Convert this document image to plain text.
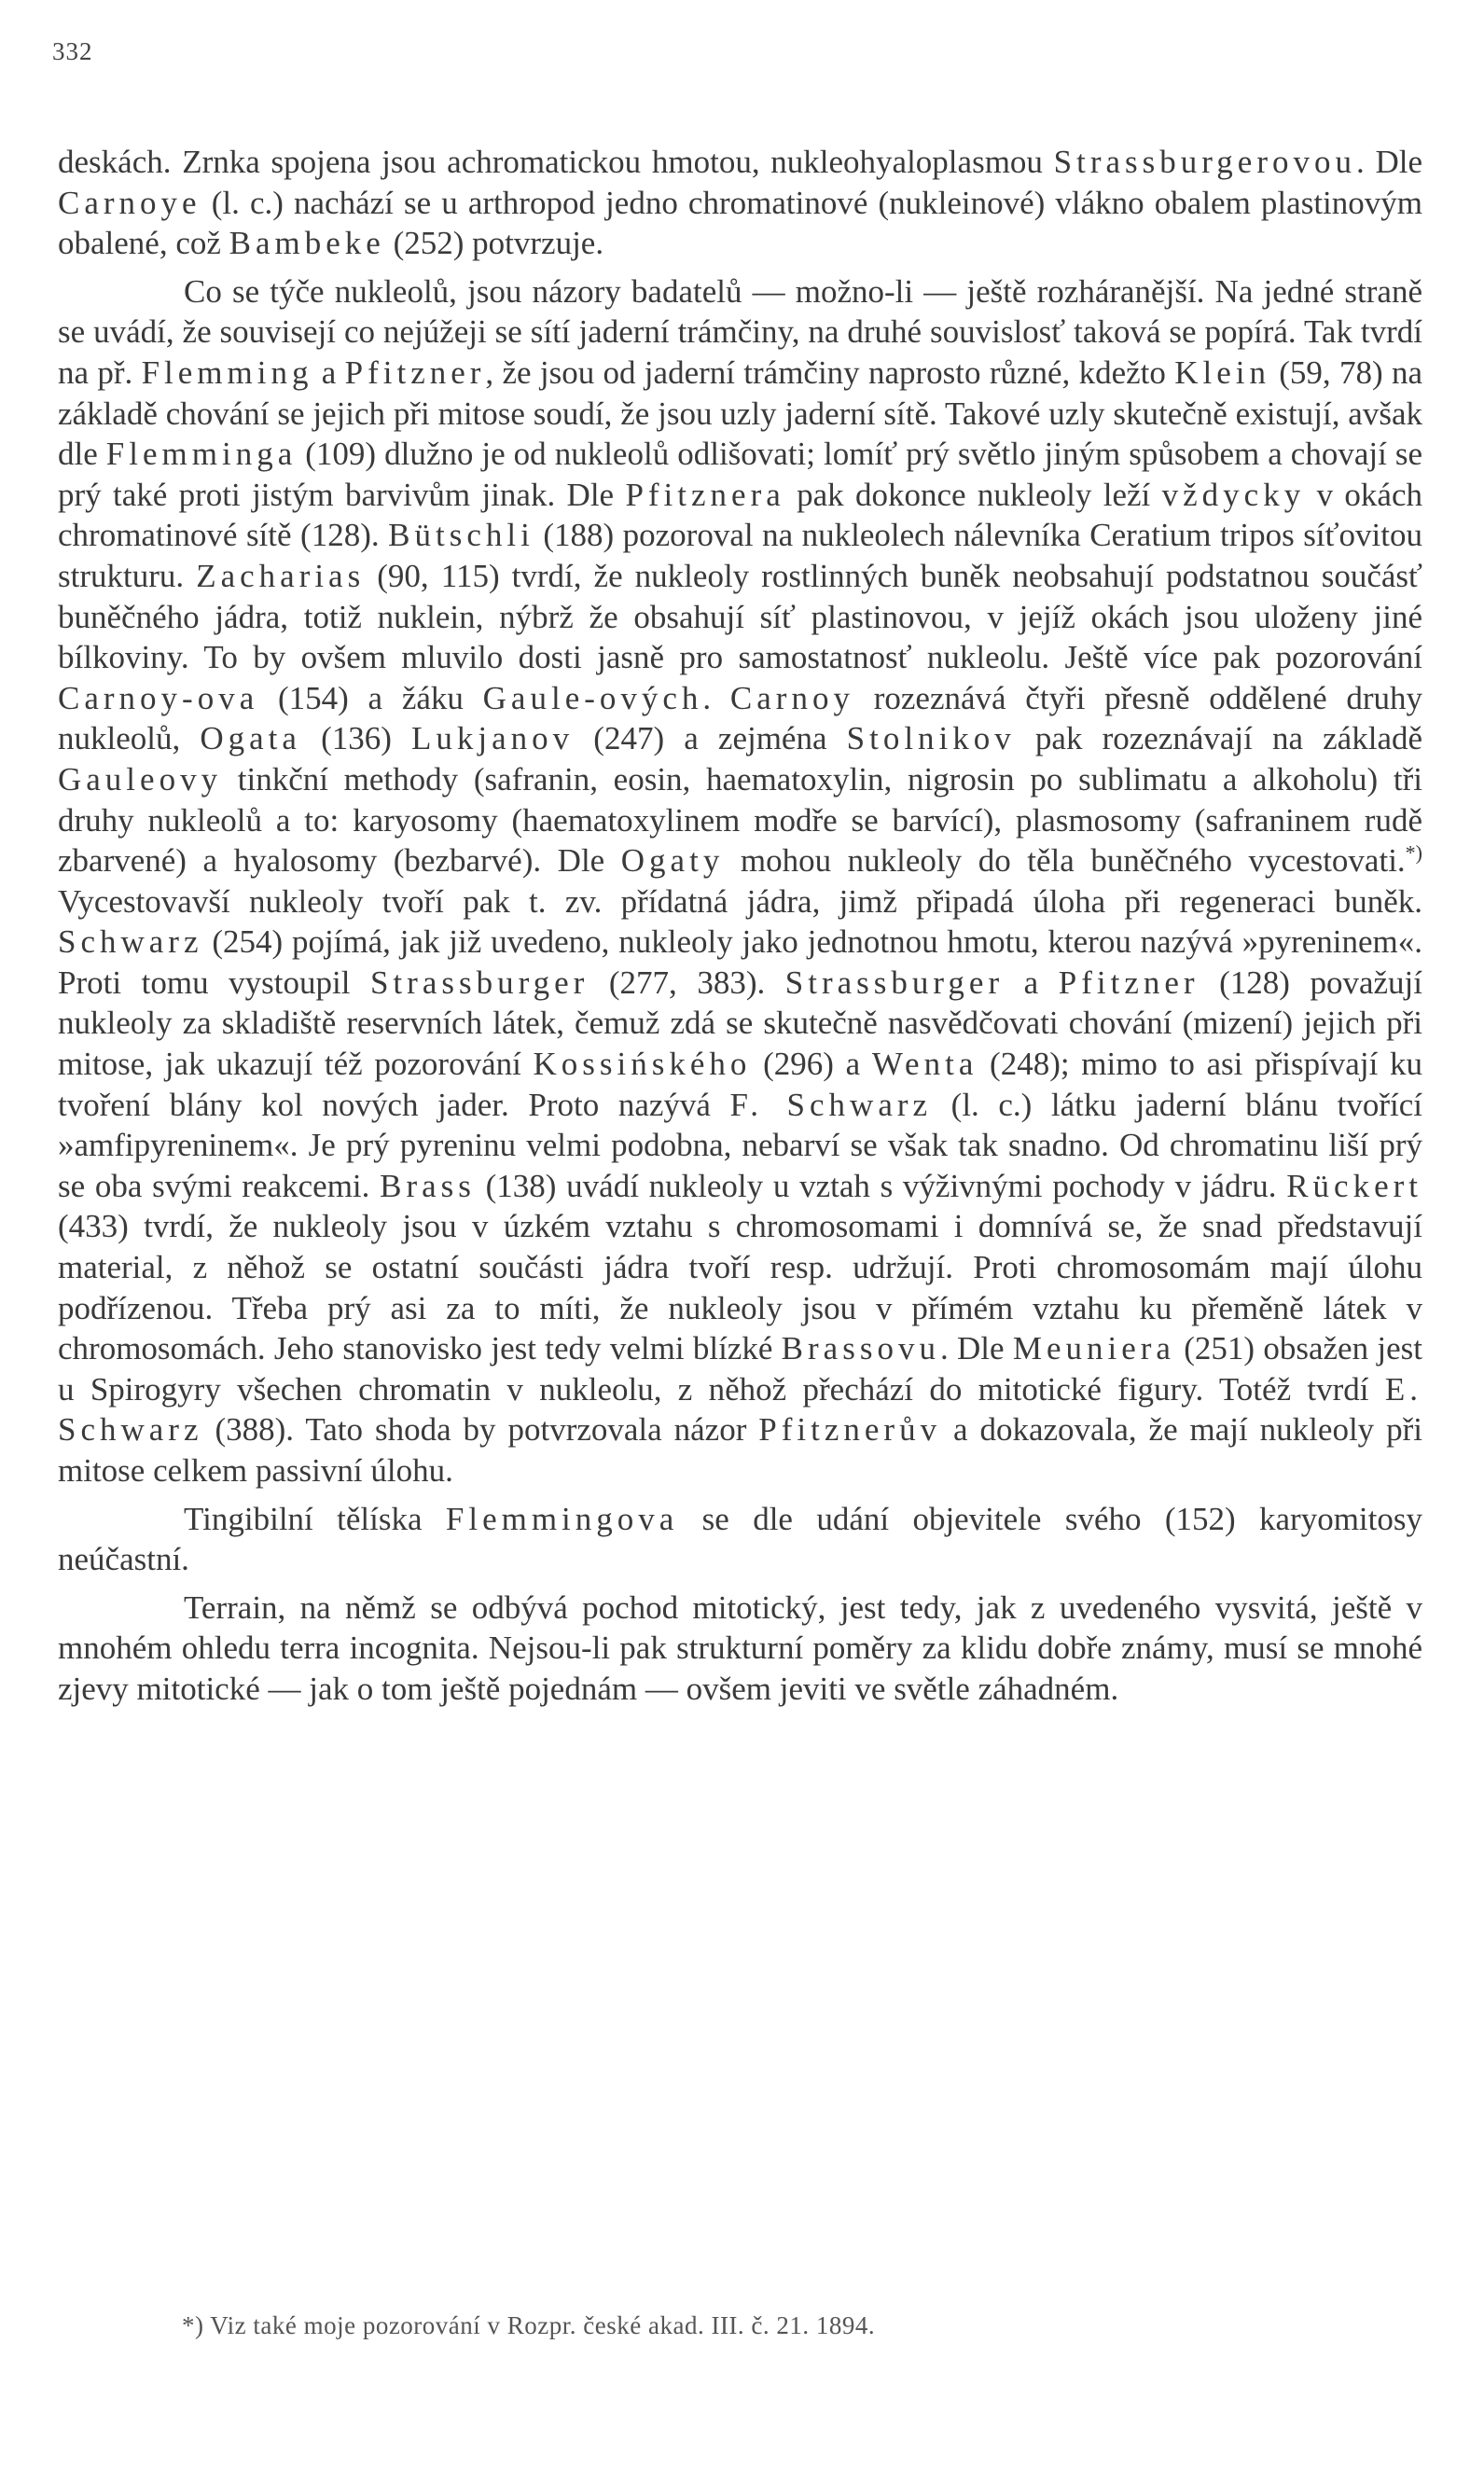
332

deskách. Zrnka spojena jsou achromatickou hmotou, nukleohyaloplasmou Strassburgerovou. Dle Carnoye (l. c.) nachází se u arthropod jedno chromatinové (nukleinové) vlákno obalem plastinovým obalené, což Bambeke (252) potvrzuje.

Co se týče nukleolů, jsou názory badatelů — možno-li — ještě rozháranější. Na jedné straně se uvádí, že souvisejí co nejúžeji se sítí jaderní trámčiny, na druhé souvislosť taková se popírá. Tak tvrdí na př. Flemming a Pfitzner, že jsou od jaderní trámčiny naprosto různé, kdežto Klein (59, 78) na základě chování se jejich při mitose soudí, že jsou uzly jaderní sítě. Takové uzly skutečně existují, avšak dle Flemminga (109) dlužno je od nukleolů odlišovati; lomíť prý světlo jiným spůsobem a chovají se prý také proti jistým barvivům jinak. Dle Pfitznera pak dokonce nukleoly leží vždycky v okách chromatinové sítě (128). Bütschli (188) pozoroval na nukleolech nálevníka Ceratium tripos síťovitou strukturu. Zacharias (90, 115) tvrdí, že nukleoly rostlinných buněk neobsahují podstatnou součásť buněčného jádra, totiž nuklein, nýbrž že obsahují síť plastinovou, v jejíž okách jsou uloženy jiné bílkoviny. To by ovšem mluvilo dosti jasně pro samostatnosť nukleolu. Ještě více pak pozorování Carnoy-ova (154) a žáku Gaule-ových. Carnoy rozeznává čtyři přesně oddělené druhy nukleolů, Ogata (136) Lukjanov (247) a zejména Stolnikov pak rozeznávají na základě Gauleovy tinkční methody (safranin, eosin, haematoxylin, nigrosin po sublimatu a alkoholu) tři druhy nukleolů a to: karyosomy (haematoxylinem modře se barvící), plasmosomy (safraninem rudě zbarvené) a hyalosomy (bezbarvé). Dle Ogaty mohou nukleoly do těla buněčného vycestovati.*) Vycestovavší nukleoly tvoří pak t. zv. přídatná jádra, jimž připadá úloha při regeneraci buněk. Schwarz (254) pojímá, jak již uvedeno, nukleoly jako jednotnou hmotu, kterou nazývá »pyreninem«. Proti tomu vystoupil Strassburger (277, 383). Strassburger a Pfitzner (128) považují nukleoly za skladiště reservních látek, čemuž zdá se skutečně nasvědčovati chování (mizení) jejich při mitose, jak ukazují též pozorování Kossińského (296) a Wenta (248); mimo to asi přispívají ku tvoření blány kol nových jader. Proto nazývá F. Schwarz (l. c.) látku jaderní blánu tvořící »amfipyreninem«. Je prý pyreninu velmi podobna, nebarví se však tak snadno. Od chromatinu liší prý se oba svými reakcemi. Brass (138) uvádí nukleoly u vztah s výživnými pochody v jádru. Rückert (433) tvrdí, že nukleoly jsou v úzkém vztahu s chromosomami i domnívá se, že snad představují material, z něhož se ostatní součásti jádra tvoří resp. udržují. Proti chromosomám mají úlohu podřízenou. Třeba prý asi za to míti, že nukleoly jsou v přímém vztahu ku přeměně látek v chromosomách. Jeho stanovisko jest tedy velmi blízké Brassovu. Dle Meuniera (251) obsažen jest u Spirogyry všechen chromatin v nukleolu, z něhož přechází do mitotické figury. Totéž tvrdí E. Schwarz (388). Tato shoda by potvrzovala názor Pfitznerův a dokazovala, že mají nukleoly při mitose celkem passivní úlohu.

Tingibilní tělíska Flemmingova se dle udání objevitele svého (152) karyomitosy neúčastní.

Terrain, na němž se odbývá pochod mitotický, jest tedy, jak z uvedeného vysvitá, ještě v mnohém ohledu terra incognita. Nejsou-li pak strukturní poměry za klidu dobře známy, musí se mnohé zjevy mitotické — jak o tom ještě pojednám — ovšem jeviti ve světle záhadném.

*) Viz také moje pozorování v Rozpr. české akad. III. č. 21. 1894.
